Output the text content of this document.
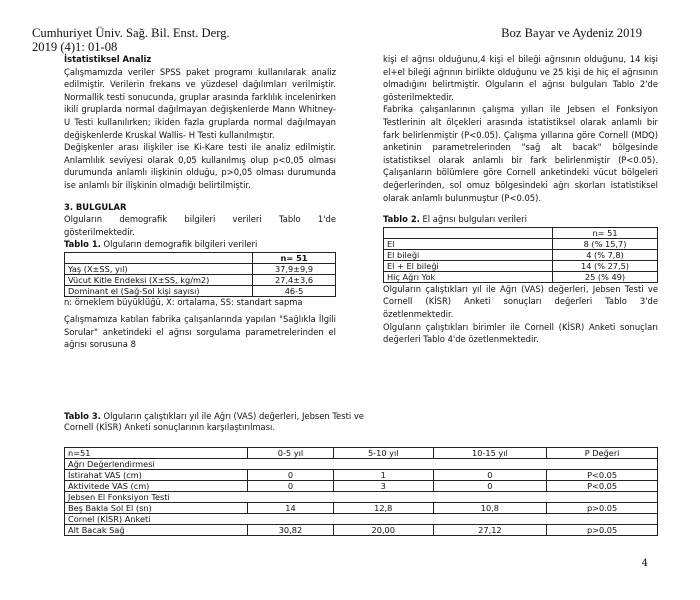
Cumhuriyet Üniv. Sağ. Bil. Enst. Derg.
2019 (4)1: 01-08
Boz Bayar ve Aydeniz 2019

İstatistiksel Analiz

Çalışmamızda veriler SPSS paket programı kullanılarak analiz edilmiştir. Verilerin frekans ve yüzdesel dağılımları verilmiştir. Normallik testi sonucunda, gruplar arasında farklılık incelenirken ikili gruplarda normal dağılmayan değişkenlerde Mann Whitney- U Testi kullanılırken; ikiden fazla gruplarda normal dağılmayan değişkenlerde Kruskal Wallis- H Testi kullanılmıştır.

Değişkenler arası ilişkiler ise Ki-Kare testi ile analiz edilmiştir. Anlamlılık seviyesi olarak 0,05 kullanılmış olup p<0,05 olması durumunda anlamlı ilişkinin olduğu, p>0,05 olması durumunda ise anlamlı bir ilişkinin olmadığı belirtilmiştir.

3. BULGULAR

Olguların demografik bilgileri verileri Tablo 1'de gösterilmektedir.

Tablo 1. Olguların demografik bilgileri verileri
	n= 51
Yaş (X±SS, yıl)	37,9±9,9
Vücut Kitle Endeksi (X±SS, kg/m2)	27,4±3,6
Dominant el (Sağ-Sol kişi sayısı)	46-5
n: örneklem büyüklüğü, X: ortalama, SS: standart sapma

Çalışmamıza katılan fabrika çalışanlarında yapılan "Sağlıkla İlgili Sorular" anketindeki el ağrısı sorgulama parametrelerinden el ağrısı sorusuna 8

kişi el ağrısı olduğunu,4 kişi el bileği ağrısının olduğunu, 14 kişi el+el bileği ağrının birlikte olduğunu ve 25 kişi de hiç el ağrısının olmadığını belirtmiştir. Olguların el ağrısı bulguları Tablo 2'de gösterilmektedir.

Fabrika çalışanlarının çalışma yılları ile Jebsen el Fonksiyon Testlerinin alt ölçekleri arasında istatistiksel olarak anlamlı bir fark belirlenmiştir (P<0.05). Çalışma yıllarına göre Cornell (MDQ) anketinin parametrelerinden "sağ alt bacak" bölgesinde istatistiksel olarak anlamlı bir fark belirlenmiştir (P<0.05). Çalışanların bölümlere göre Cornell anketindeki vücut bölgeleri değerlerinden, sol omuz bölgesindeki ağrı skorları istatistiksel olarak anlamlı bulunmuştur (P<0.05).

Tablo 2. El ağrısı bulguları verileri
	n= 51
El	8 (% 15,7)
El bileği	4 (% 7,8)
El + El bileği	14 (% 27,5)
Hiç Ağrı Yok	25 (% 49)

Olguların çalıştıkları yıl ile Ağrı (VAS) değerleri, Jebsen Testi ve Cornell (KİSR) Anketi sonuçları değerleri Tablo 3'de özetlenmektedir.

Olguların çalıştıkları birimler ile Cornell (KİSR) Anketi sonuçları değerleri Tablo 4'de özetlenmektedir.

Tablo 3. Olguların çalıştıkları yıl ile Ağrı (VAS) değerleri, Jebsen Testi ve Cornell (KİSR) Anketi sonuçlarının karşılaştırılması.
n=51	0-5 yıl	5-10 yıl	10-15 yıl	P Değeri
Ağrı Değerlendirmesi				
İstirahat VAS (cm)	0	1	0	P<0.05
Aktivitede VAS (cm)	0	3	0	P<0.05
Jebsen El Fonksiyon Testi				
Beş Bakla Sol El (sn)	14	12,8	10,8	p>0.05
Cornel (KİSR) Anketi				
Alt Bacak Sağ	30,82	20,00	27,12	p>0.05
4
